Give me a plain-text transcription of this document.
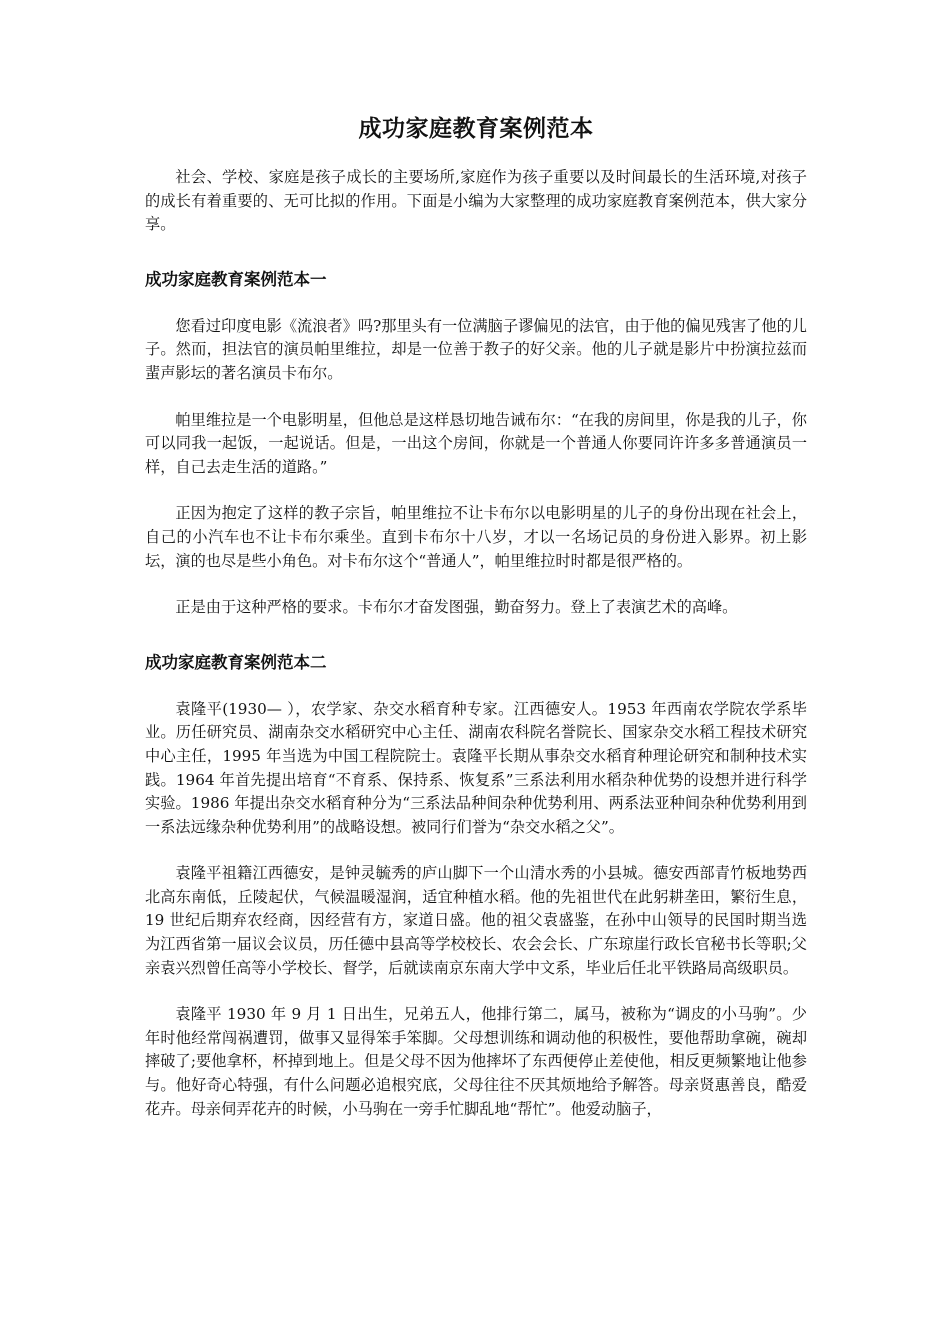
成功家庭教育案例范本

社会、学校、家庭是孩子成长的主要场所,家庭作为孩子重要以及时间最长的生活环境,对孩子的成长有着重要的、无可比拟的作用。下面是小编为大家整理的成功家庭教育案例范本，供大家分享。

成功家庭教育案例范本一

您看过印度电影《流浪者》吗?那里头有一位满脑子谬偏见的法官，由于他的偏见残害了他的儿子。然而，担法官的演员帕里维拉，却是一位善于教子的好父亲。他的儿子就是影片中扮演拉兹而蜚声影坛的著名演员卡布尔。

帕里维拉是一个电影明星，但他总是这样恳切地告诫布尔：“在我的房间里，你是我的儿子，你可以同我一起饭，一起说话。但是，一出这个房间，你就是一个普通人你要同许许多多普通演员一样，自己去走生活的道路。”

正因为抱定了这样的教子宗旨，帕里维拉不让卡布尔以电影明星的儿子的身份出现在社会上，自己的小汽车也不让卡布尔乘坐。直到卡布尔十八岁，才以一名场记员的身份进入影界。初上影坛，演的也尽是些小角色。对卡布尔这个“普通人”，帕里维拉时时都是很严格的。

正是由于这种严格的要求。卡布尔才奋发图强，勤奋努力。登上了表演艺术的高峰。

成功家庭教育案例范本二

袁隆平(1930— ），农学家、杂交水稻育种专家。江西德安人。1953 年西南农学院农学系毕业。历任研究员、湖南杂交水稻研究中心主任、湖南农科院名誉院长、国家杂交水稻工程技术研究中心主任，1995 年当选为中国工程院院士。袁隆平长期从事杂交水稻育种理论研究和制种技术实践。1964 年首先提出培育“不育系、保持系、恢复系”三系法利用水稻杂种优势的设想并进行科学实验。1986 年提出杂交水稻育种分为“三系法品种间杂种优势利用、两系法亚种间杂种优势利用到一系法远缘杂种优势利用”的战略设想。被同行们誉为“杂交水稻之父”。

袁隆平祖籍江西德安，是钟灵毓秀的庐山脚下一个山清水秀的小县城。德安西部青竹板地势西北高东南低，丘陵起伏，气候温暖湿润，适宜种植水稻。他的先祖世代在此躬耕垄田，繁衍生息，19 世纪后期弃农经商，因经营有方，家道日盛。他的祖父袁盛鉴，在孙中山领导的民国时期当选为江西省第一届议会议员，历任德中县高等学校校长、农会会长、广东琼崖行政长官秘书长等职;父亲袁兴烈曾任高等小学校长、督学，后就读南京东南大学中文系，毕业后任北平铁路局高级职员。

袁隆平 1930 年 9 月 1 日出生，兄弟五人，他排行第二，属马，被称为“调皮的小马驹”。少年时他经常闯祸遭罚，做事又显得笨手笨脚。父母想训练和调动他的积极性，要他帮助拿碗，碗却摔破了;要他拿杯，杯掉到地上。但是父母不因为他摔坏了东西便停止差使他，相反更频繁地让他参与。他好奇心特强，有什么问题必追根究底，父母往往不厌其烦地给予解答。母亲贤惠善良，酷爱花卉。母亲伺弄花卉的时候，小马驹在一旁手忙脚乱地“帮忙”。他爱动脑子，
